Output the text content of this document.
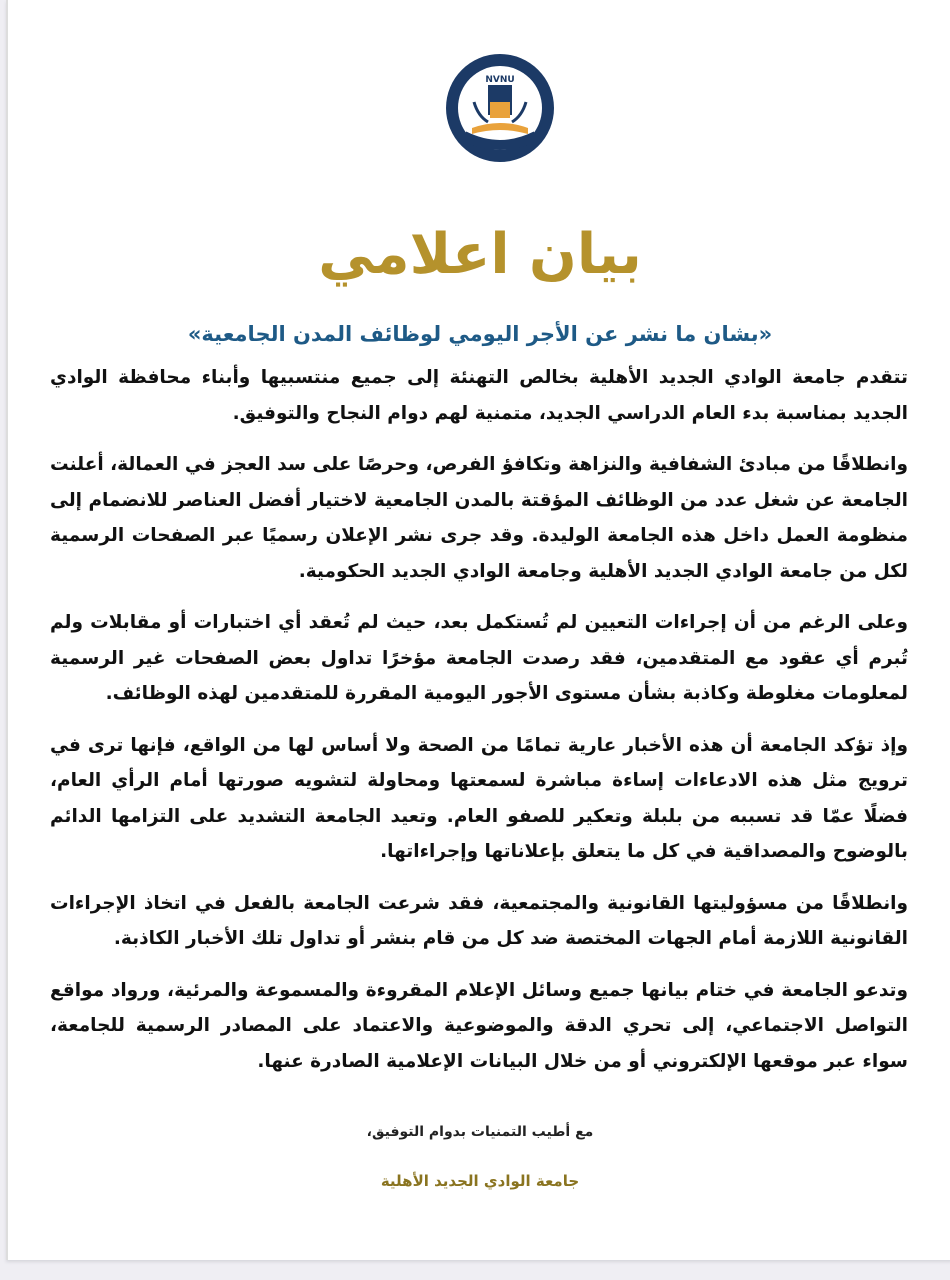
NVNU
بيان اعلامي
«بشان ما نشر عن الأجر اليومي لوظائف المدن الجامعية»

تتقدم جامعة الوادي الجديد الأهلية بخالص التهنئة إلى جميع منتسبيها وأبناء محافظة الوادي الجديد بمناسبة بدء العام الدراسي الجديد، متمنية لهم دوام النجاح والتوفيق.

وانطلاقًا من مبادئ الشفافية والنزاهة وتكافؤ الفرص، وحرصًا على سد العجز في العمالة، أعلنت الجامعة عن شغل عدد من الوظائف المؤقتة بالمدن الجامعية لاختيار أفضل العناصر للانضمام إلى منظومة العمل داخل هذه الجامعة الوليدة. وقد جرى نشر الإعلان رسميًا عبر الصفحات الرسمية لكل من جامعة الوادي الجديد الأهلية وجامعة الوادي الجديد الحكومية.

وعلى الرغم من أن إجراءات التعيين لم تُستكمل بعد، حيث لم تُعقد أي اختبارات أو مقابلات ولم تُبرم أي عقود مع المتقدمين، فقد رصدت الجامعة مؤخرًا تداول بعض الصفحات غير الرسمية لمعلومات مغلوطة وكاذبة بشأن مستوى الأجور اليومية المقررة للمتقدمين لهذه الوظائف.

وإذ تؤكد الجامعة أن هذه الأخبار عارية تمامًا من الصحة ولا أساس لها من الواقع، فإنها ترى في ترويج مثل هذه الادعاءات إساءة مباشرة لسمعتها ومحاولة لتشويه صورتها أمام الرأي العام، فضلًا عمّا قد تسببه من بلبلة وتعكير للصفو العام. وتعيد الجامعة التشديد على التزامها الدائم بالوضوح والمصداقية في كل ما يتعلق بإعلاناتها وإجراءاتها.

وانطلاقًا من مسؤوليتها القانونية والمجتمعية، فقد شرعت الجامعة بالفعل في اتخاذ الإجراءات القانونية اللازمة أمام الجهات المختصة ضد كل من قام بنشر أو تداول تلك الأخبار الكاذبة.

وتدعو الجامعة في ختام بيانها جميع وسائل الإعلام المقروءة والمسموعة والمرئية، ورواد مواقع التواصل الاجتماعي، إلى تحري الدقة والموضوعية والاعتماد على المصادر الرسمية للجامعة، سواء عبر موقعها الإلكتروني أو من خلال البيانات الإعلامية الصادرة عنها.

مع أطيب التمنيات بدوام التوفيق،
جامعة الوادي الجديد الأهلية
